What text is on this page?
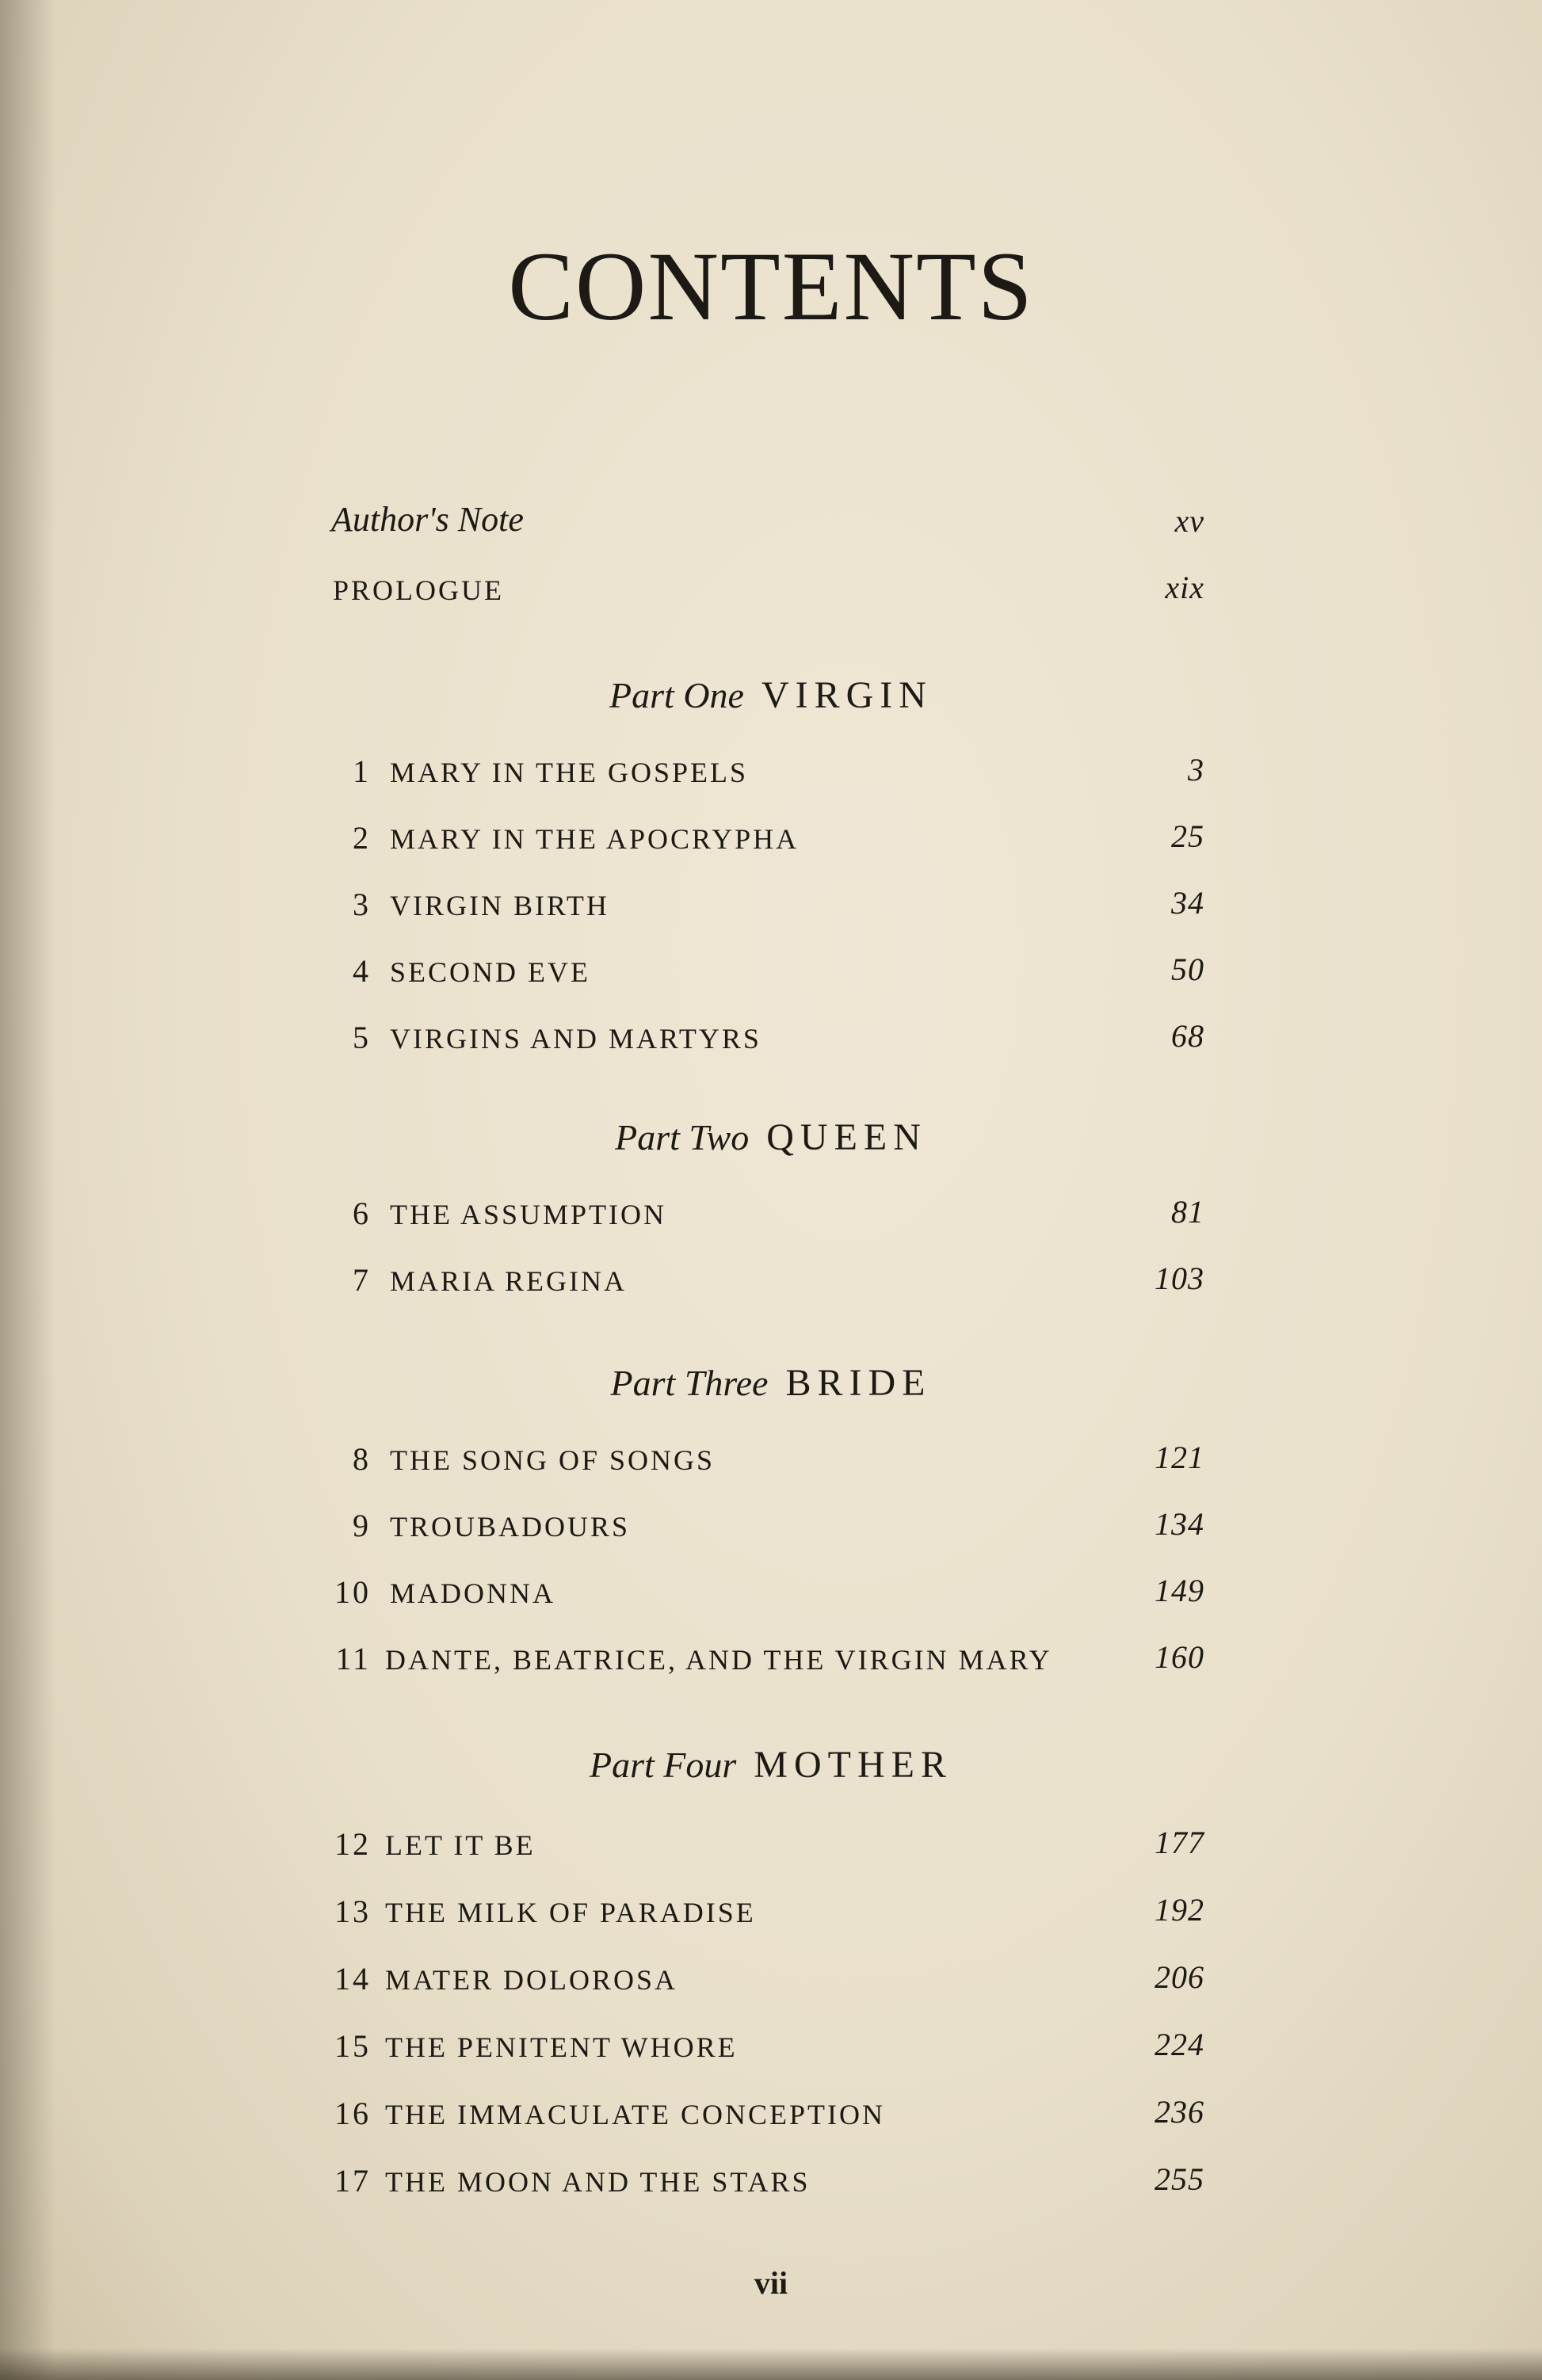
CONTENTS
Author's Note	xv
PROLOGUE	xix
Part One VIRGIN
1 MARY IN THE GOSPELS	3
2 MARY IN THE APOCRYPHA	25
3 VIRGIN BIRTH	34
4 SECOND EVE	50
5 VIRGINS AND MARTYRS	68
Part Two QUEEN
6 THE ASSUMPTION	81
7 MARIA REGINA	103
Part Three BRIDE
8 THE SONG OF SONGS	121
9 TROUBADOURS	134
10 MADONNA	149
11 DANTE, BEATRICE, AND THE VIRGIN MARY	160
Part Four MOTHER
12 LET IT BE	177
13 THE MILK OF PARADISE	192
14 MATER DOLOROSA	206
15 THE PENITENT WHORE	224
16 THE IMMACULATE CONCEPTION	236
17 THE MOON AND THE STARS	255
vii
